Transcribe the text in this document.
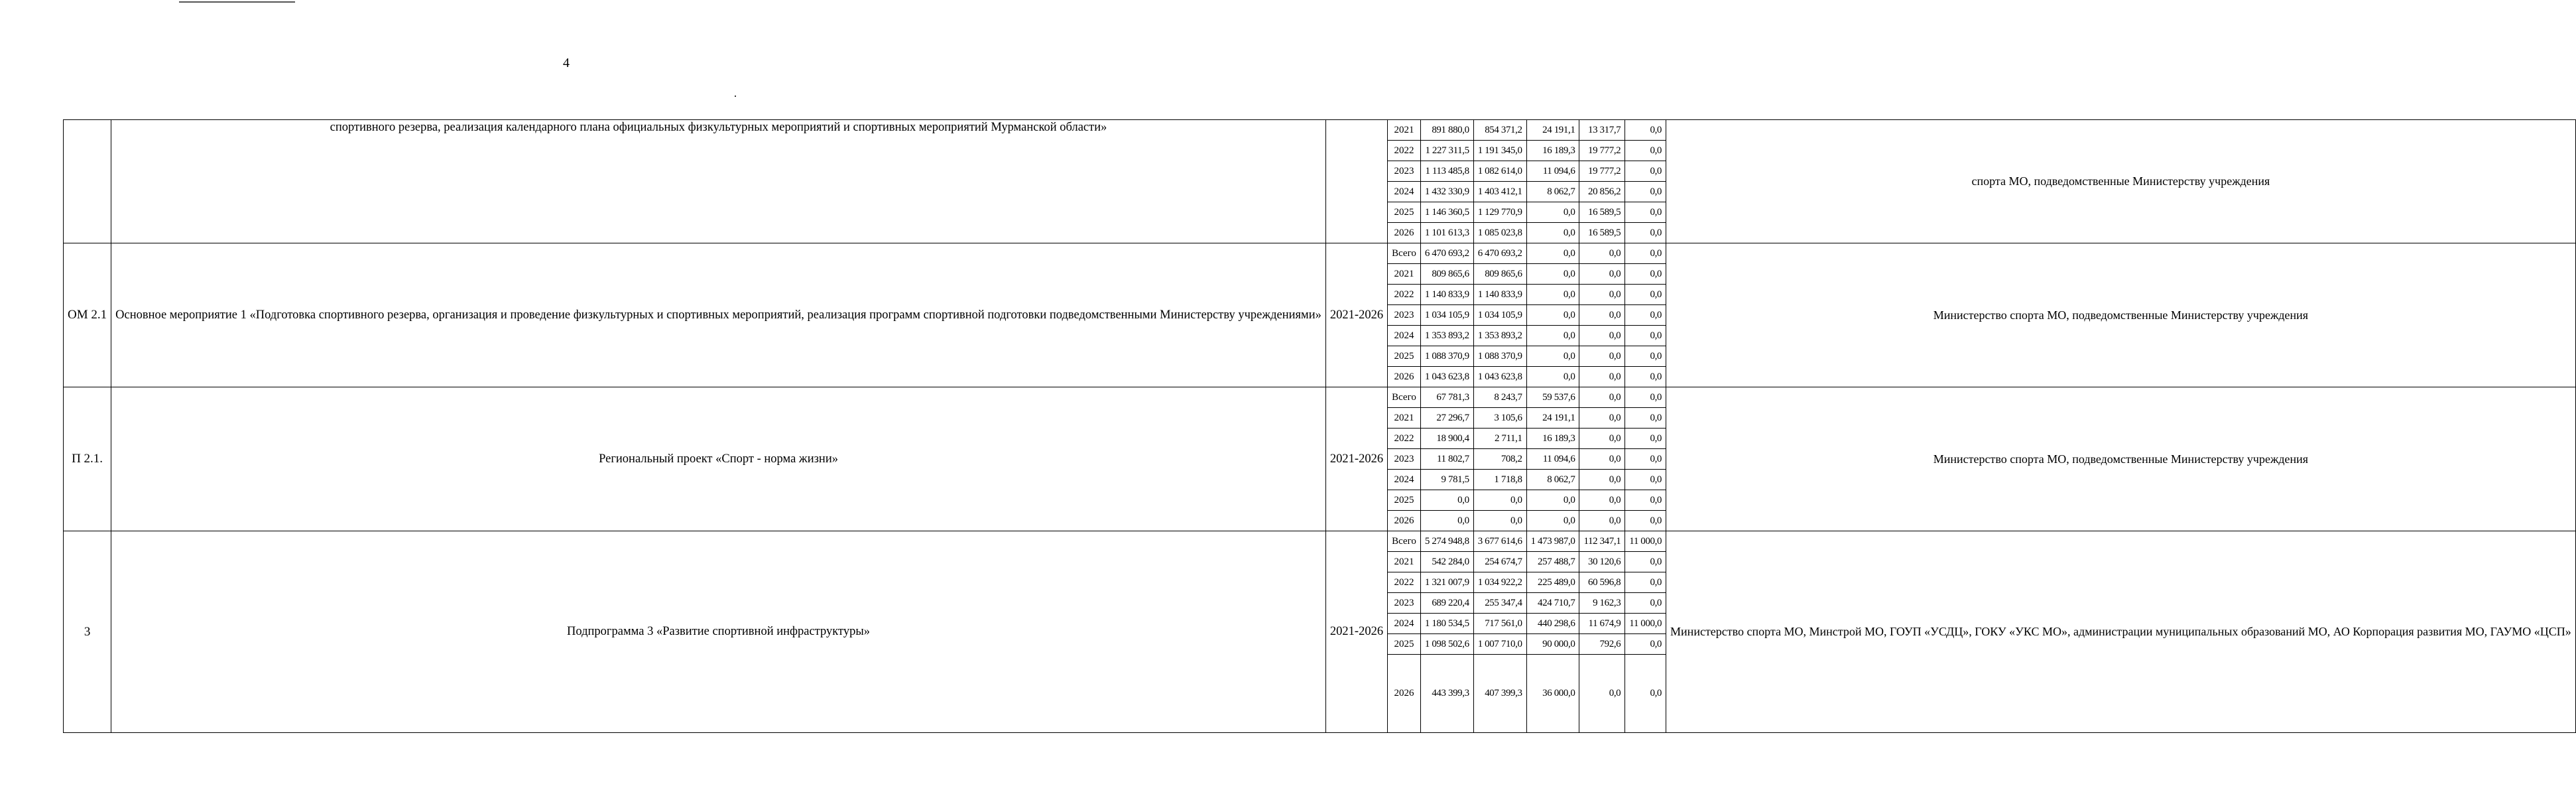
4
	спортивного резерва, реализация календарного плана официальных физкультурных мероприятий и спортивных мероприятий Мурманской области»		2021	891 880,0	854 371,2	24 191,1	13 317,7	0,0	спорта МО, подведомственные Министерству учреждения
			2022	1 227 311,5	1 191 345,0	16 189,3	19 777,2	0,0	
			2023	1 113 485,8	1 082 614,0	11 094,6	19 777,2	0,0	
			2024	1 432 330,9	1 403 412,1	8 062,7	20 856,2	0,0	
			2025	1 146 360,5	1 129 770,9	0,0	16 589,5	0,0	
			2026	1 101 613,3	1 085 023,8	0,0	16 589,5	0,0	
ОМ 2.1	Основное мероприятие 1 «Подготовка спортивного резерва, организация и проведение физкультурных и спортивных мероприятий, реализация программ спортивной подготовки подведомственными Министерству учреждениями»	2021-2026	Всего	6 470 693,2	6 470 693,2	0,0	0,0	0,0	Министерство спорта МО, подведомственные Министерству учреждения
			2021	809 865,6	809 865,6	0,0	0,0	0,0	
			2022	1 140 833,9	1 140 833,9	0,0	0,0	0,0	
			2023	1 034 105,9	1 034 105,9	0,0	0,0	0,0	
			2024	1 353 893,2	1 353 893,2	0,0	0,0	0,0	
			2025	1 088 370,9	1 088 370,9	0,0	0,0	0,0	
			2026	1 043 623,8	1 043 623,8	0,0	0,0	0,0	
П 2.1.	Региональный проект «Спорт - норма жизни»	2021-2026	Всего	67 781,3	8 243,7	59 537,6	0,0	0,0	Министерство спорта МО, подведомственные Министерству учреждения
			2021	27 296,7	3 105,6	24 191,1	0,0	0,0	
			2022	18 900,4	2 711,1	16 189,3	0,0	0,0	
			2023	11 802,7	708,2	11 094,6	0,0	0,0	
			2024	9 781,5	1 718,8	8 062,7	0,0	0,0	
			2025	0,0	0,0	0,0	0,0	0,0	
			2026	0,0	0,0	0,0	0,0	0,0	
3	Подпрограмма 3 «Развитие спортивной инфраструктуры»	2021-2026	Всего	5 274 948,8	3 677 614,6	1 473 987,0	112 347,1	11 000,0	Министерство спорта МО, Минстрой МО, ГОУП «УСДЦ», ГОКУ «УКС МО», администрации муниципальных образований МО, АО Корпорация развития МО, ГАУМО «ЦСП»
			2021	542 284,0	254 674,7	257 488,7	30 120,6	0,0	
			2022	1 321 007,9	1 034 922,2	225 489,0	60 596,8	0,0	
			2023	689 220,4	255 347,4	424 710,7	9 162,3	0,0	
			2024	1 180 534,5	717 561,0	440 298,6	11 674,9	11 000,0	
			2025	1 098 502,6	1 007 710,0	90 000,0	792,6	0,0	
			2026	443 399,3	407 399,3	36 000,0	0,0	0,0	
